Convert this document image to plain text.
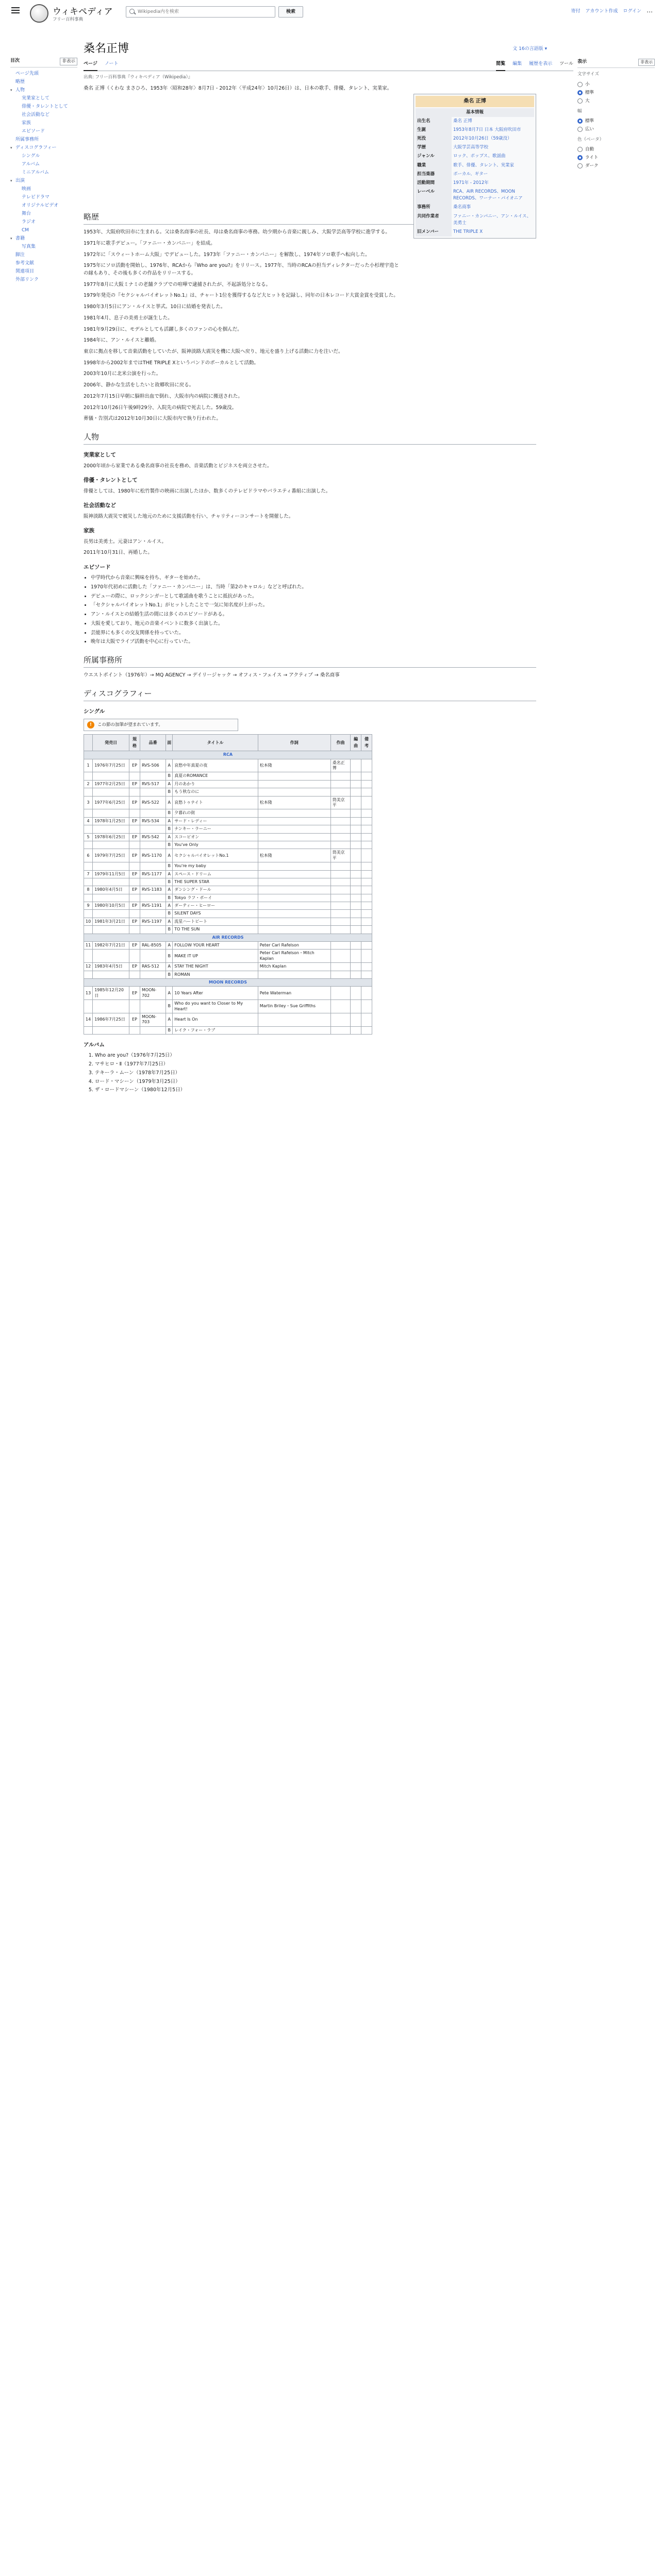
ウィキペディア
フリー百科事典
Wikipedia内を検索
検索	寄付 アカウント作成 ログイン ⋯
目次	非表示
ページ先頭
略歴
▾ 人物
実業家として
俳優・タレントとして
社会活動など
家族
エピソード
所属事務所
▾ ディスコグラフィー
シングル
アルバム
ミニアルバム
▾ 出演
映画
テレビドラマ
オリジナルビデオ
舞台
ラジオ
CM
▾ 書籍
写真集
脚注
参考文献
関連項目
外部リンク
桑名正博	文 16の言語版 ▾
ページ ノート	閲覧 編集 履歴を表示 ツール
出典: フリー百科事典『ウィキペディア（Wikipedia）』

桑名 正博（くわな まさひろ、1953年〈昭和28年〉8月7日 - 2012年〈平成24年〉10月26日）は、日本の歌手、俳優、タレント、実業家。

桑名 正博
基本情報
出生名	桑名 正博
生誕	1953年8月7日 日本 大阪府吹田市
死没	2012年10月26日（59歳没）
学歴	大阪学芸高等学校
ジャンル	ロック、ポップス、歌謡曲
職業	歌手、俳優、タレント、実業家
担当楽器	ボーカル、ギター
活動期間	1971年 - 2012年
レーベル	RCA、AIR RECORDS、MOON RECORDS、ワーナー・パイオニア
事務所	桑名商事
共同作業者	ファニー・カンパニー、アン・ルイス、美勇士
旧メンバー	THE TRIPLE X
略歴

1953年、大阪府吹田市に生まれる。父は桑名商事の社長、母は桑名商事の専務。幼少期から音楽に親しみ、大阪学芸高等学校に進学する。

1971年に歌手デビュー。「ファニー・カンパニー」を結成。

1972年に「スウィートホーム大阪」でデビューした。1973年「ファニー・カンパニー」を解散し、1974年ソロ歌手へ転向した。

1975年にソロ活動を開始し、1976年、RCAから『Who are you?』をリリース。1977年、当時のRCAの担当ディレクターだった小杉理宇造との縁もあり、その後も多くの作品をリリースする。

1977年8月に大阪ミナミの老舗クラブでの喧嘩で逮捕されたが、不起訴処分となる。

1979年発売の『セクシャルバイオレットNo.1』は、チャート1位を獲得するなど大ヒットを記録し、同年の日本レコード大賞金賞を受賞した。

1980年3月5日にアン・ルイスと挙式。10日に結婚を発表した。

1981年4月、息子の美勇士が誕生した。

1981年9月29日に、モデルとしても活躍し多くのファンの心を掴んだ。

1984年に、アン・ルイスと離婚。

東京に拠点を移して音楽活動をしていたが、阪神淡路大震災を機に大阪へ戻り、地元を盛り上げる活動に力を注いだ。

1998年から2002年まではTHE TRIPLE Xというバンドのボーカルとして活動。

2003年10月に北米公演を行った。

2006年、静かな生活をしたいと故郷吹田に戻る。

2012年7月15日早朝に脳幹出血で倒れ、大阪市内の病院に搬送された。

2012年10月26日午後9時29分、入院先の病院で死去した。59歳没。

葬儀・告別式は2012年10月30日に大阪市内で執り行われた。

人物
実業家として

2000年頃から家業である桑名商事の社長を務め、音楽活動とビジネスを両立させた。

俳優・タレントとして

俳優としては、1980年に松竹製作の映画に出演したほか、数多くのテレビドラマやバラエティ番組に出演した。

社会活動など

阪神淡路大震災で被災した地元のために支援活動を行い、チャリティーコンサートを開催した。

家族

長男は美勇士。元妻はアン・ルイス。

2011年10月31日、再婚した。

エピソード
• 中学時代から音楽に興味を持ち、ギターを始めた。
• 1970年代初めに活動した「ファニー・カンパニー」は、当時「第2のキャロル」などと呼ばれた。
• デビューの際に、ロックシンガーとして歌謡曲を歌うことに抵抗があった。
• 「セクシャルバイオレットNo.1」がヒットしたことで一気に知名度が上がった。
• アン・ルイスとの結婚生活の間には多くのエピソードがある。
• 大阪を愛しており、地元の音楽イベントに数多く出演した。
• 芸能界にも多くの交友関係を持っていた。
• 晩年は大阪でライブ活動を中心に行っていた。
所属事務所

ウエストポイント（1976年）→ MQ AGENCY → デイリージャック → オフィス・フェイス → アクティブ → 桑名商事

ディスコグラフィー
シングル
!	この節の加筆が望まれています。
	発売日	規格	品番	面	タイトル	作詞	作曲	編曲	備考
RCA									
1	1976年7月25日	EP	RVS-506	A	哀愁中年真夏の夜	松本隆	桑名正博		
				B	真夏のROMANCE				
2	1977年2月25日	EP	RVS-517	A	月のあかり				
				B	もう秋なのに				
3	1977年6月25日	EP	RVS-522	A	哀愁トゥナイト	松本隆	筒美京平		
				B	夕暮れの街				
4	1978年1月25日	EP	RVS-534	A	サード・レディー				
				B	ナンキー・ラーニー				
5	1978年6月25日	EP	RVS-542	A	スコーピオン				
				B	You've Only				
6	1979年7月25日	EP	RVS-1170	A	セクシャルバイオレットNo.1	松本隆	筒美京平		
				B	You're my baby				
7	1979年11月5日	EP	RVS-1177	A	スペース・ドリーム				
				B	THE SUPER STAR				
8	1980年4月5日	EP	RVS-1183	A	ダンシング・ドール				
				B	Tokyo ラフ・ボーイ				
9	1980年10月5日	EP	RVS-1191	A	ダーティー・ヒーロー				
				B	SILENT DAYS				
10	1981年3月21日	EP	RVS-1197	A	流星ハートビート				
				B	TO THE SUN				
AIR RECORDS									
11	1982年7月21日	EP	RAL-8505	A	FOLLOW YOUR HEART	Peter Carl Rafelson			
				B	MAKE IT UP	Peter Carl Rafelson・Mitch Kaplan			
12	1983年4月5日	EP	RAS-512	A	STAY THE NIGHT	Mitch Kaplan			
				B	ROMAN				
MOON RECORDS									
13	1985年12月20日	EP	MOON-702	A	10 Years After	Pete Waterman			
				B	Who do you want to Closer to My Heart!	Martin Briley・Sue Griffiths			
14	1986年7月25日	EP	MOON-703	A	Heart Is On				
				B	レイク・フォー・ラブ				
アルバム
1. Who are you?（1976年7月25日）
2. マサヒロ・Ⅱ（1977年7月25日）
3. テキーラ・ムーン（1978年7月25日）
4. ロード・マシーン（1979年3月25日）
5. ザ・ロードマシーン（1980年12月5日）
表示	非表示
文字サイズ
小
標準
大
幅
標準
広い
色（ベータ）
自動
ライト
ダーク
